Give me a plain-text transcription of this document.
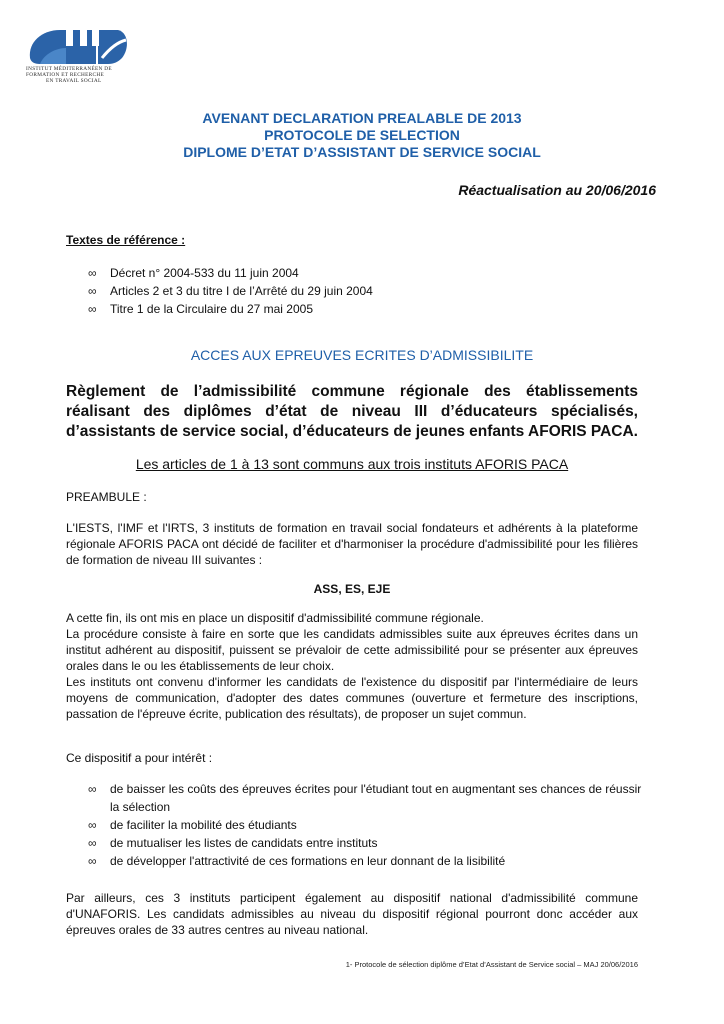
INSTITUT MÉDITERRANÉEN DE
FORMATION ET RECHERCHE
EN TRAVAIL SOCIAL
AVENANT DECLARATION PREALABLE DE 2013
PROTOCOLE DE SELECTION
DIPLOME D’ETAT D’ASSISTANT DE SERVICE SOCIAL
Réactualisation au 20/06/2016
Textes de référence :
∞ Décret n° 2004-533 du 11 juin 2004
∞ Articles 2 et 3 du titre I de l’Arrêté du 29 juin 2004
∞ Titre 1 de la Circulaire du 27 mai 2005
ACCES AUX EPREUVES ECRITES D’ADMISSIBILITE
Règlement de l’admissibilité commune régionale des établissements réalisant des diplômes d’état de niveau III d’éducateurs spécialisés, d’assistants de service social, d’éducateurs de jeunes enfants AFORIS PACA.
Les articles de 1 à 13 sont communs aux trois instituts AFORIS PACA
PREAMBULE :
L'IESTS, l'IMF et l'IRTS, 3 instituts de formation en travail social fondateurs et adhérents à la plateforme régionale AFORIS PACA ont décidé de faciliter et d'harmoniser la procédure d'admissibilité pour les filières de formation de niveau III suivantes :
ASS, ES, EJE

A cette fin, ils ont mis en place un dispositif d'admissibilité commune régionale.

La procédure consiste à faire en sorte que les candidats admissibles suite aux épreuves écrites dans un institut adhérent au dispositif, puissent se prévaloir de cette admissibilité pour se présenter aux épreuves orales dans le ou les établissements de leur choix.

Les instituts ont convenu d'informer les candidats de l'existence du dispositif par l'intermédiaire de leurs moyens de communication, d'adopter des dates communes (ouverture et fermeture des inscriptions, passation de l'épreuve écrite, publication des résultats), de proposer un sujet commun.

Ce dispositif a pour intérêt :
∞ de baisser les coûts des épreuves écrites pour l'étudiant tout en augmentant ses chances de réussir la sélection
∞ de faciliter la mobilité des étudiants
∞ de mutualiser les listes de candidats entre instituts
∞ de développer l'attractivité de ces formations en leur donnant de la lisibilité
Par ailleurs, ces 3 instituts participent également au dispositif national d'admissibilité commune d'UNAFORIS. Les candidats admissibles au niveau du dispositif régional pourront donc accéder aux épreuves orales de 33 autres centres au niveau national.
1- Protocole de sélection diplôme d’Etat d’Assistant de Service social – MAJ 20/06/2016
